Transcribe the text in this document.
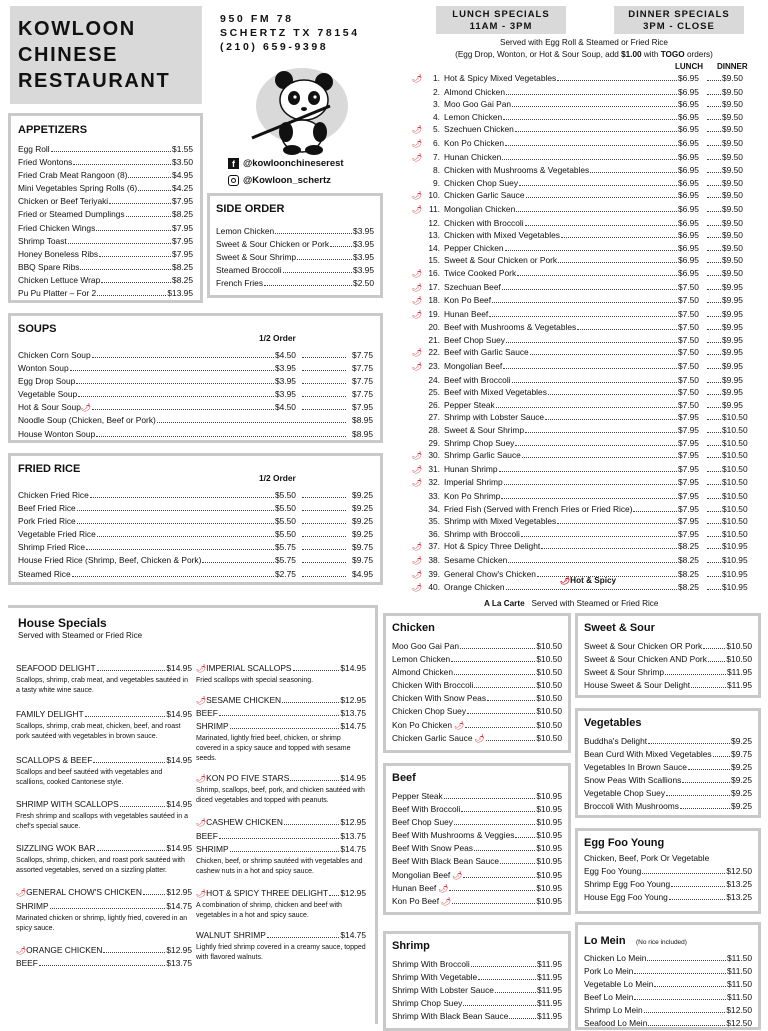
KOWLOON
CHINESE
RESTAURANT
950 FM 78
SCHERTZ TX 78154
(210) 659-9398
f @kowloonchineserest
@Kowloon_schertz
APPETIZERS
Egg Roll	$1.55
Fried Wontons	$3.50
Fried Crab Meat Rangoon (8)	$4.95
Mini Vegetables Spring Rolls (6)	$4.25
Chicken or Beef Teriyaki	$7.95
Fried or Steamed Dumplings	$8.25
Fried Chicken Wings	$7.95
Shrimp Toast	$7.95
Honey Boneless Ribs	$7.95
BBQ Spare Ribs	$8.25
Chicken Lettuce Wrap	$8.25
Pu Pu Platter – For 2	$13.95
SIDE ORDER
Lemon Chicken	$3.95
Sweet & Sour Chicken or Pork	$3.95
Sweet & Sour Shrimp	$3.95
Steamed Broccoli	$3.95
French Fries	$2.50
SOUPS
1/2 Order
Chicken Corn Soup	$4.50	$7.75
Wonton Soup	$3.95	$7.75
Egg Drop Soup	$3.95	$7.75
Vegetable Soup	$3.95	$7.75
Hot & Sour Soup 🌶	$4.50	$7.95
Noodle Soup (Chicken, Beef or Pork)	$8.95
House Wonton Soup	$8.95
FRIED RICE
1/2 Order
Chicken Fried Rice	$5.50	$9.25
Beef Fried Rice	$5.50	$9.25
Pork Fried Rice	$5.50	$9.25
Vegetable Fried Rice	$5.50	$9.25
Shrimp Fried Rice	$5.75	$9.75
House Fried Rice (Shrimp, Beef, Chicken & Pork)	$5.75	$9.75
Steamed Rice	$2.75	$4.95
LUNCH SPECIALS
11AM - 3PM
DINNER SPECIALS
3PM - CLOSE
Served with Egg Roll & Steamed or Fried Rice
(Egg Drop, Wonton, or Hot & Sour Soup, add $1.00 with TOGO orders)
LUNCH DINNER
🌶	1. Hot & Spicy Mixed Vegetables	$6.95	$9.50
2. Almond Chicken	$6.95	$9.50
3. Moo Goo Gai Pan	$6.95	$9.50
4. Lemon Chicken	$6.95	$9.50
🌶	5. Szechuen Chicken	$6.95	$9.50
🌶	6. Kon Po Chicken	$6.95	$9.50
🌶	7. Hunan Chicken	$6.95	$9.50
8. Chicken with Mushrooms & Vegetables	$6.95	$9.50
9. Chicken Chop Suey	$6.95	$9.50
🌶 10. Chicken Garlic Sauce	$6.95	$9.50
🌶 11. Mongolian Chicken	$6.95	$9.50
12. Chicken with Broccoli	$6.95	$9.50
13. Chicken with Mixed Vegetables	$6.95	$9.50
14. Pepper Chicken	$6.95	$9.50
15. Sweet & Sour Chicken or Pork	$6.95	$9.50
🌶 16. Twice Cooked Pork	$6.95	$9.50
🌶 17. Szechuan Beef	$7.50	$9.95
🌶 18. Kon Po Beef	$7.50	$9.95
🌶 19. Hunan Beef	$7.50	$9.95
20. Beef with Mushrooms & Vegetables	$7.50	$9.95
21. Beef Chop Suey	$7.50	$9.95
🌶 22. Beef with Garlic Sauce	$7.50	$9.95
🌶 23. Mongolian Beef	$7.50	$9.95
24. Beef with Broccoli	$7.50	$9.95
25. Beef with Mixed Vegetables	$7.50	$9.95
26. Pepper Steak	$7.50	$9.95
27. Shrimp with Lobster Sauce	$7.95	$10.50
28. Sweet & Sour Shrimp	$7.95	$10.50
29. Shrimp Chop Suey	$7.95	$10.50
🌶 30. Shrimp Garlic Sauce	$7.95	$10.50
🌶 31. Hunan Shrimp	$7.95	$10.50
🌶 32. Imperial Shrimp	$7.95	$10.50
33. Kon Po Shrimp	$7.95	$10.50
34. Fried Fish (Served with French Fries or Fried Rice)	$7.95	$10.50
35. Shrimp with Mixed Vegetables	$7.95	$10.50
36. Shrimp with Broccoli	$7.95	$10.50
🌶 37. Hot & Spicy Three Delight	$8.25	$10.95
🌶 38. Sesame Chicken	$8.25	$10.95
🌶 39. General Chow's Chicken	$8.25	$10.95
🌶 40. Orange Chicken	$8.25	$10.95
🌶Hot & Spicy
House Specials
Served with Steamed or Fried Rice
SEAFOOD DELIGHT	$14.95
Scallops, shrimp, crab meat, and vegetables sautéed in a tasty white wine sauce.
FAMILY DELIGHT	$14.95
Scallops, shrimp, crab meat, chicken, beef, and roast pork sautéed with vegetables in brown sauce.
SCALLOPS & BEEF	$14.95
Scallops and beef sautéed with vegetables and scallions, cooked Cantonese style.
SHRIMP WITH SCALLOPS	$14.95
Fresh shrimp and scallops with vegetables sautéed in a chef's special sauce.
SIZZLING WOK BAR	$14.95
Scallops, shrimp, chicken, and roast pork sautéed with assorted vegetables, served on a sizzling platter.
🌶 GENERAL CHOW'S CHICKEN	$12.95
SHRIMP	$14.75
Marinated chicken or shrimp, lightly fried, covered in an spicy sauce.
🌶 ORANGE CHICKEN	$12.95
BEEF	$13.75
🌶 IMPERIAL SCALLOPS	$14.95
Fried scallops with special seasoning.
🌶 SESAME CHICKEN	$12.95
BEEF	$13.75
SHRIMP	$14.75
Marinated, lightly fried beef, chicken, or shrimp covered in a spicy sauce and topped with sesame seeds.
🌶 KON PO FIVE STARS	$14.95
Shrimp, scallops, beef, pork, and chicken sautéed with diced vegetables and topped with peanuts.
🌶 CASHEW CHICKEN	$12.95
BEEF	$13.75
SHRIMP	$14.75
Chicken, beef, or shrimp sautéed with vegetables and cashew nuts in a hot and spicy sauce.
🌶 HOT & SPICY THREE DELIGHT $12.95
A combination of shrimp, chicken and beef with vegetables in a hot and spicy sauce.
WALNUT SHRIMP	$14.75
Lightly fried shrimp covered in a creamy sauce, topped with flavored walnuts.
A La Carte Served with Steamed or Fried Rice
Chicken
Moo Goo Gai Pan	$10.50
Lemon Chicken	$10.50
Almond Chicken	$10.50
Chicken With Broccoli	$10.50
Chicken With Snow Peas	$10.50
Chicken Chop Suey	$10.50
Kon Po Chicken 🌶	$10.50
Chicken Garlic Sauce 🌶	$10.50
Beef
Pepper Steak	$10.95
Beef With Broccoli	$10.95
Beef Chop Suey	$10.95
Beef With Mushrooms & Veggies	$10.95
Beef With Snow Peas	$10.95
Beef With Black Bean Sauce	$10.95
Mongolian Beef 🌶	$10.95
Hunan Beef 🌶	$10.95
Kon Po Beef 🌶	$10.95
Shrimp
Shrimp With Broccoli	$11.95
Shrimp With Vegetable	$11.95
Shrimp With Lobster Sauce	$11.95
Shrimp Chop Suey	$11.95
Shrimp With Black Bean Sauce	$11.95
Sweet & Sour
Sweet & Sour Chicken OR Pork	$10.50
Sweet & Sour Chicken AND Pork $10.50
Sweet & Sour Shrimp	$11.95
House Sweet & Sour Delight	$11.95
Vegetables
Buddha's Delight	$9.25
Bean Curd With Mixed Vegetables $9.75
Vegetables In Brown Sauce	$9.25
Snow Peas With Scallions	$9.25
Vegetable Chop Suey	$9.25
Broccoli With Mushrooms	$9.25
Egg Foo Young
Chicken, Beef, Pork Or Vegetable
Egg Foo Young	$12.50
Shrimp Egg Foo Young	$13.25
House Egg Foo Young	$13.25
Lo Mein (No rice included)
Chicken Lo Mein	$11.50
Pork Lo Mein	$11.50
Vegetable Lo Mein	$11.50
Beef Lo Mein	$11.50
Shrimp Lo Mein	$12.50
Seafood Lo Mein	$12.50
